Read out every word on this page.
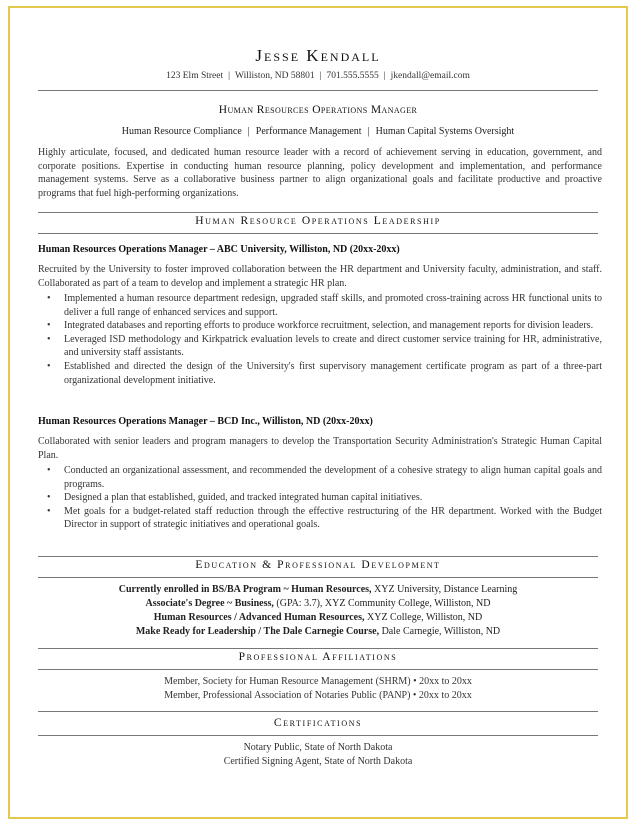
Jesse Kendall
123 Elm Street | Williston, ND 58801 | 701.555.5555 | jkendall@email.com
Human Resources Operations Manager
Human Resource Compliance | Performance Management | Human Capital Systems Oversight
Highly articulate, focused, and dedicated human resource leader with a record of achievement serving in education, government, and corporate positions. Expertise in conducting human resource planning, policy development and implementation, and performance management systems. Serve as a collaborative business partner to align organizational goals and facilitate productive and proactive programs that fuel high-performing organizations.
Human Resource Operations Leadership
Human Resources Operations Manager – ABC University, Williston, ND (20xx-20xx)
Recruited by the University to foster improved collaboration between the HR department and University faculty, administration, and staff. Collaborated as part of a team to develop and implement a strategic HR plan.
• Implemented a human resource department redesign, upgraded staff skills, and promoted cross-training across HR functional units to deliver a full range of enhanced services and support.
• Integrated databases and reporting efforts to produce workforce recruitment, selection, and management reports for division leaders.
• Leveraged ISD methodology and Kirkpatrick evaluation levels to create and direct customer service training for HR, administrative, and university staff assistants.
• Established and directed the design of the University's first supervisory management certificate program as part of a three-part organizational development initiative.
Human Resources Operations Manager – BCD Inc., Williston, ND (20xx-20xx)
Collaborated with senior leaders and program managers to develop the Transportation Security Administration's Strategic Human Capital Plan.
• Conducted an organizational assessment, and recommended the development of a cohesive strategy to align human capital goals and programs.
• Designed a plan that established, guided, and tracked integrated human capital initiatives.
• Met goals for a budget-related staff reduction through the effective restructuring of the HR department. Worked with the Budget Director in support of strategic initiatives and operational goals.
Education & Professional Development
Currently enrolled in BS/BA Program ~ Human Resources, XYZ University, Distance Learning
Associate's Degree ~ Business, (GPA: 3.7), XYZ Community College, Williston, ND
Human Resources / Advanced Human Resources, XYZ College, Williston, ND
Make Ready for Leadership / The Dale Carnegie Course, Dale Carnegie, Williston, ND
Professional Affiliations
Member, Society for Human Resource Management (SHRM) • 20xx to 20xx
Member, Professional Association of Notaries Public (PANP) • 20xx to 20xx
Certifications
Notary Public, State of North Dakota
Certified Signing Agent, State of North Dakota
